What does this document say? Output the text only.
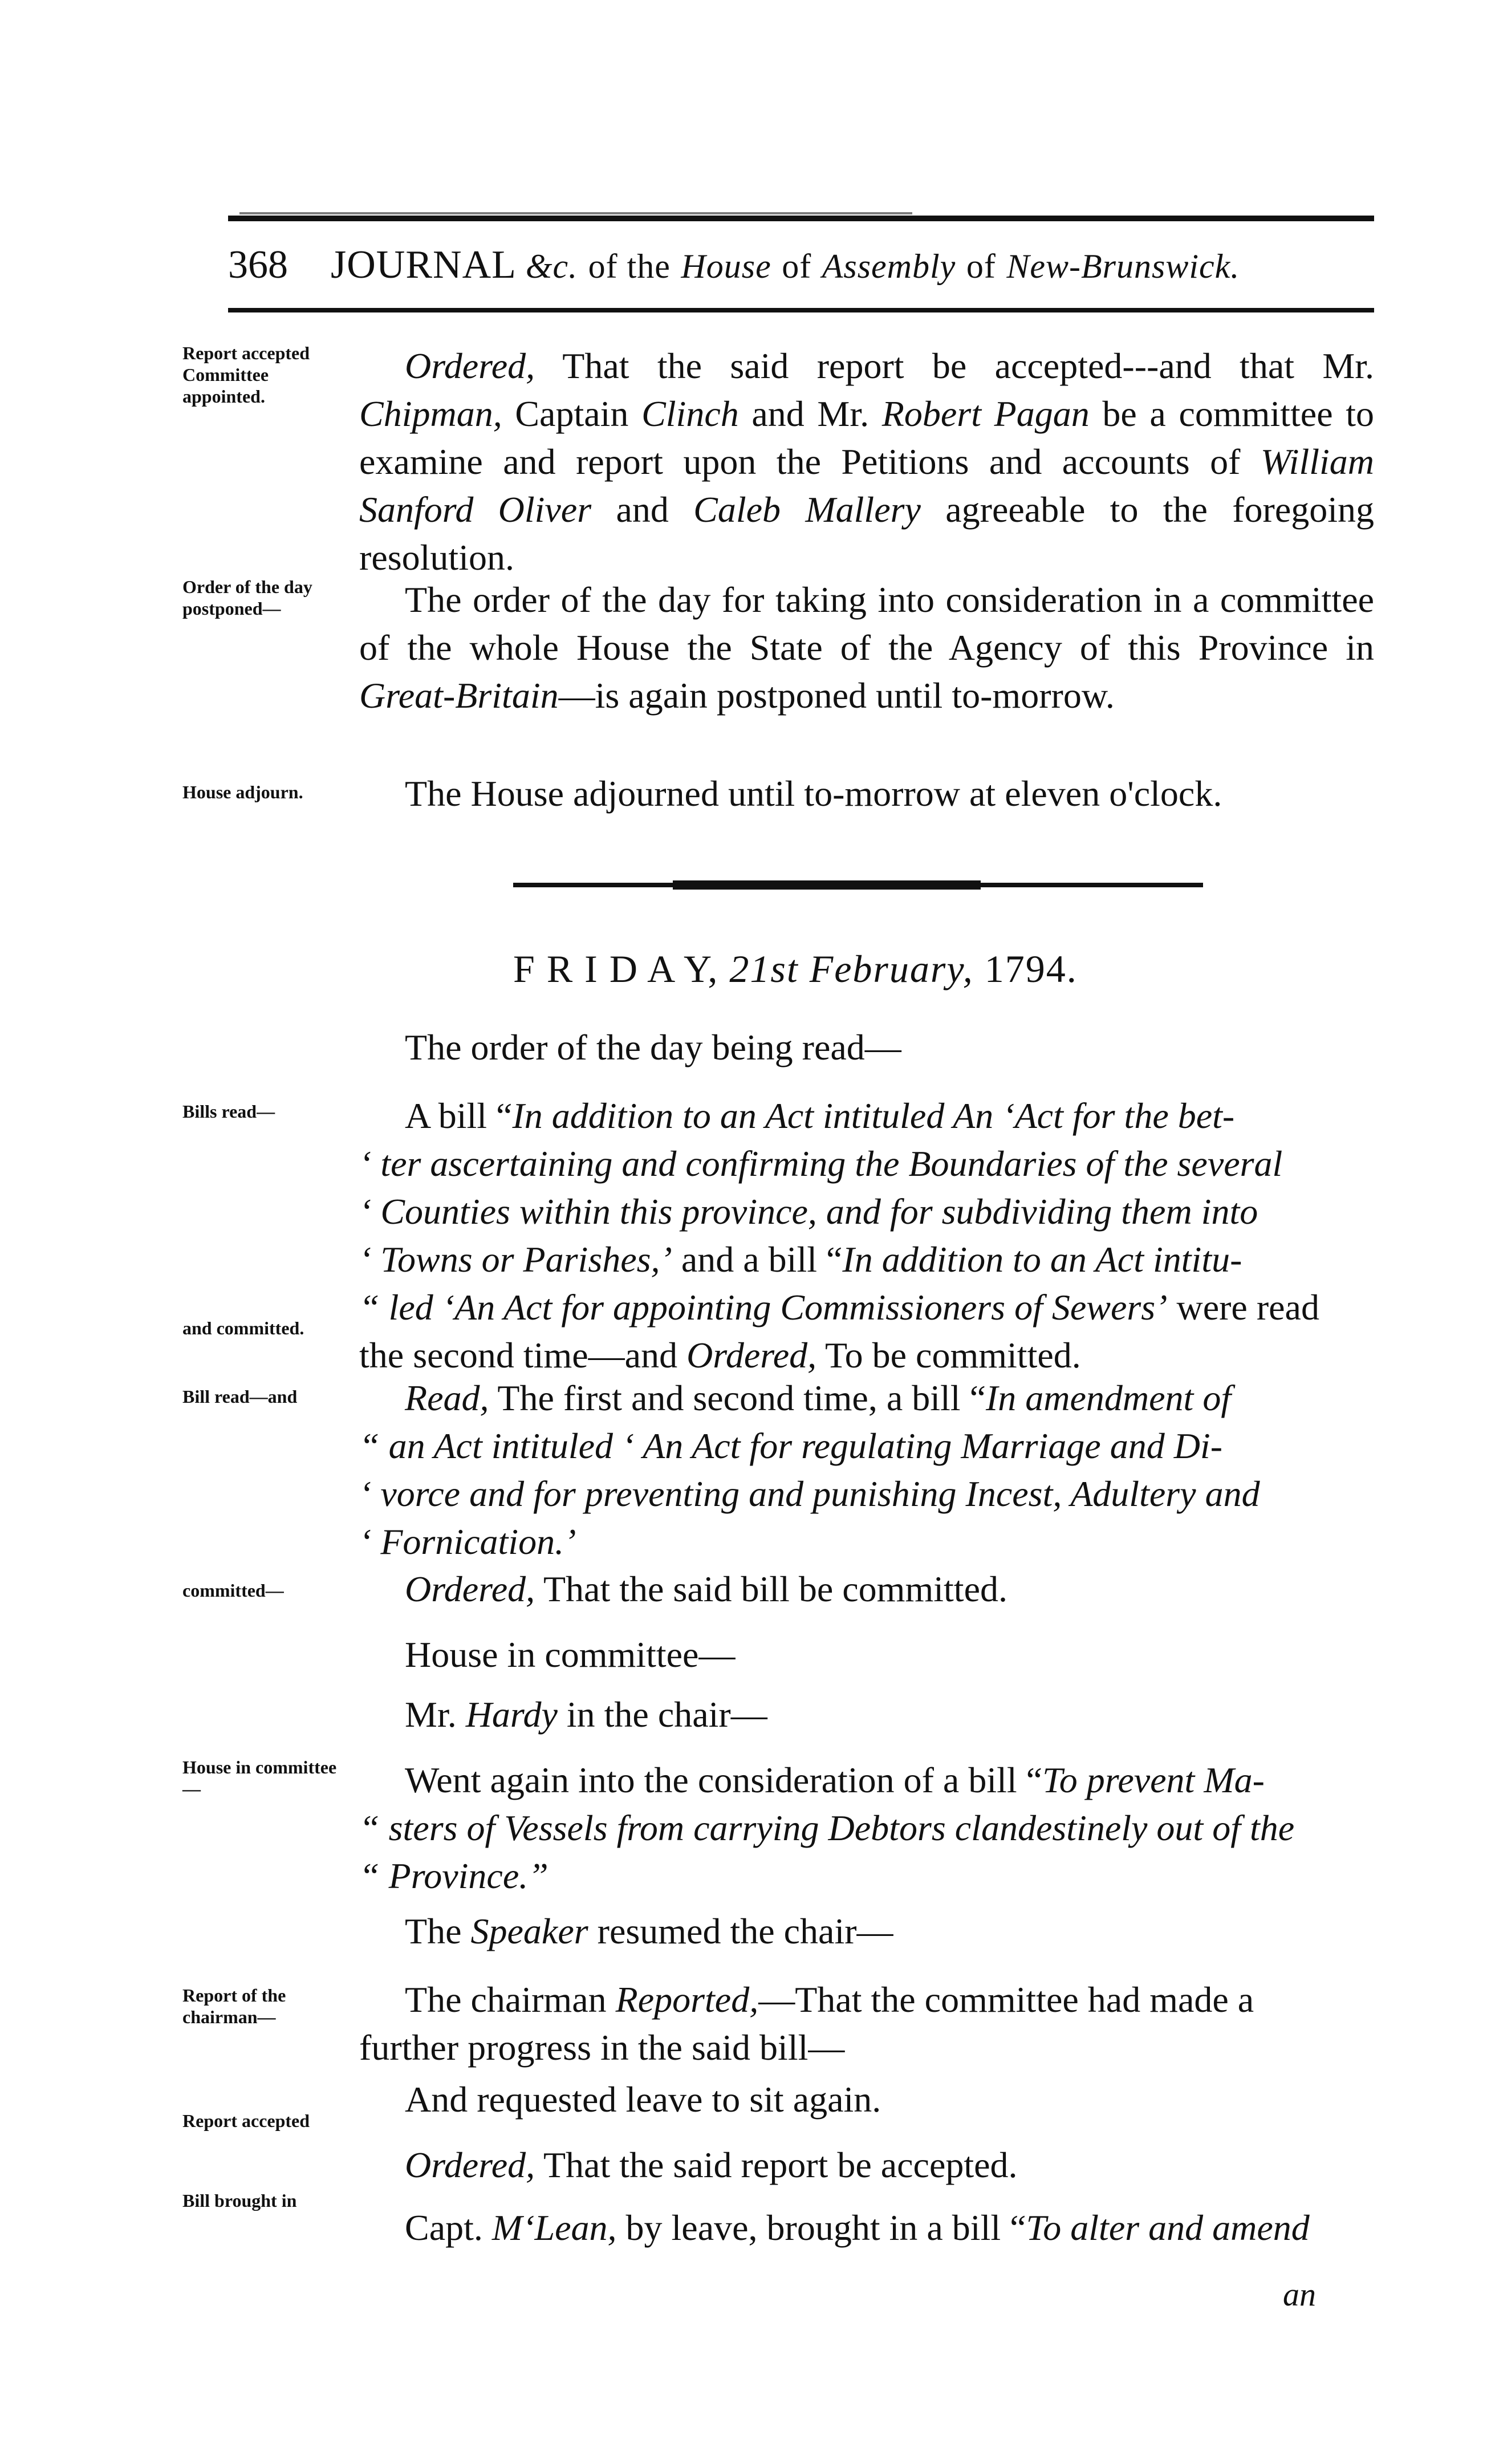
368 JOURNAL &c. of the House of Assembly of New-Brunswick.
Report accepted Committee appointed.
Order of the day postponed—
House adjourn.
Bills read—
and committed.
Bill read—and
committed—
House in committee—
Report of the chairman—
Report accepted
Bill brought in
Ordered, That the said report be accepted---and that Mr. Chipman, Captain Clinch and Mr. Robert Pagan be a committee to examine and report upon the Petitions and accounts of William Sanford Oliver and Caleb Mallery agreeable to the foregoing resolution.
The order of the day for taking into consideration in a committee of the whole House the State of the Agency of this Province in Great-Britain—is again postponed until to-morrow.
The House adjourned until to-morrow at eleven o'clock.
F R I D A Y, 21st February, 1794.
The order of the day being read—
A bill “In addition to an Act intituled An ‘Act for the bet-
‘ ter ascertaining and confirming the Boundaries of the several
‘ Counties within this province, and for subdividing them into
‘ Towns or Parishes,’ and a bill “In addition to an Act intitu-
“ led ‘An Act for appointing Commissioners of Sewers’ were read
the second time—and Ordered, To be committed.
Read, The first and second time, a bill “In amendment of
“ an Act intituled ‘ An Act for regulating Marriage and Di-
‘ vorce and for preventing and punishing Incest, Adultery and
‘ Fornication.’
Ordered, That the said bill be committed.
House in committee—
Mr. Hardy in the chair—
Went again into the consideration of a bill “To prevent Ma-
“ sters of Vessels from carrying Debtors clandestinely out of the
“ Province.”
The Speaker resumed the chair—
The chairman Reported,—That the committee had made a
further progress in the said bill—
And requested leave to sit again.
Ordered, That the said report be accepted.
Capt. M‘Lean, by leave, brought in a bill “To alter and amend
an
